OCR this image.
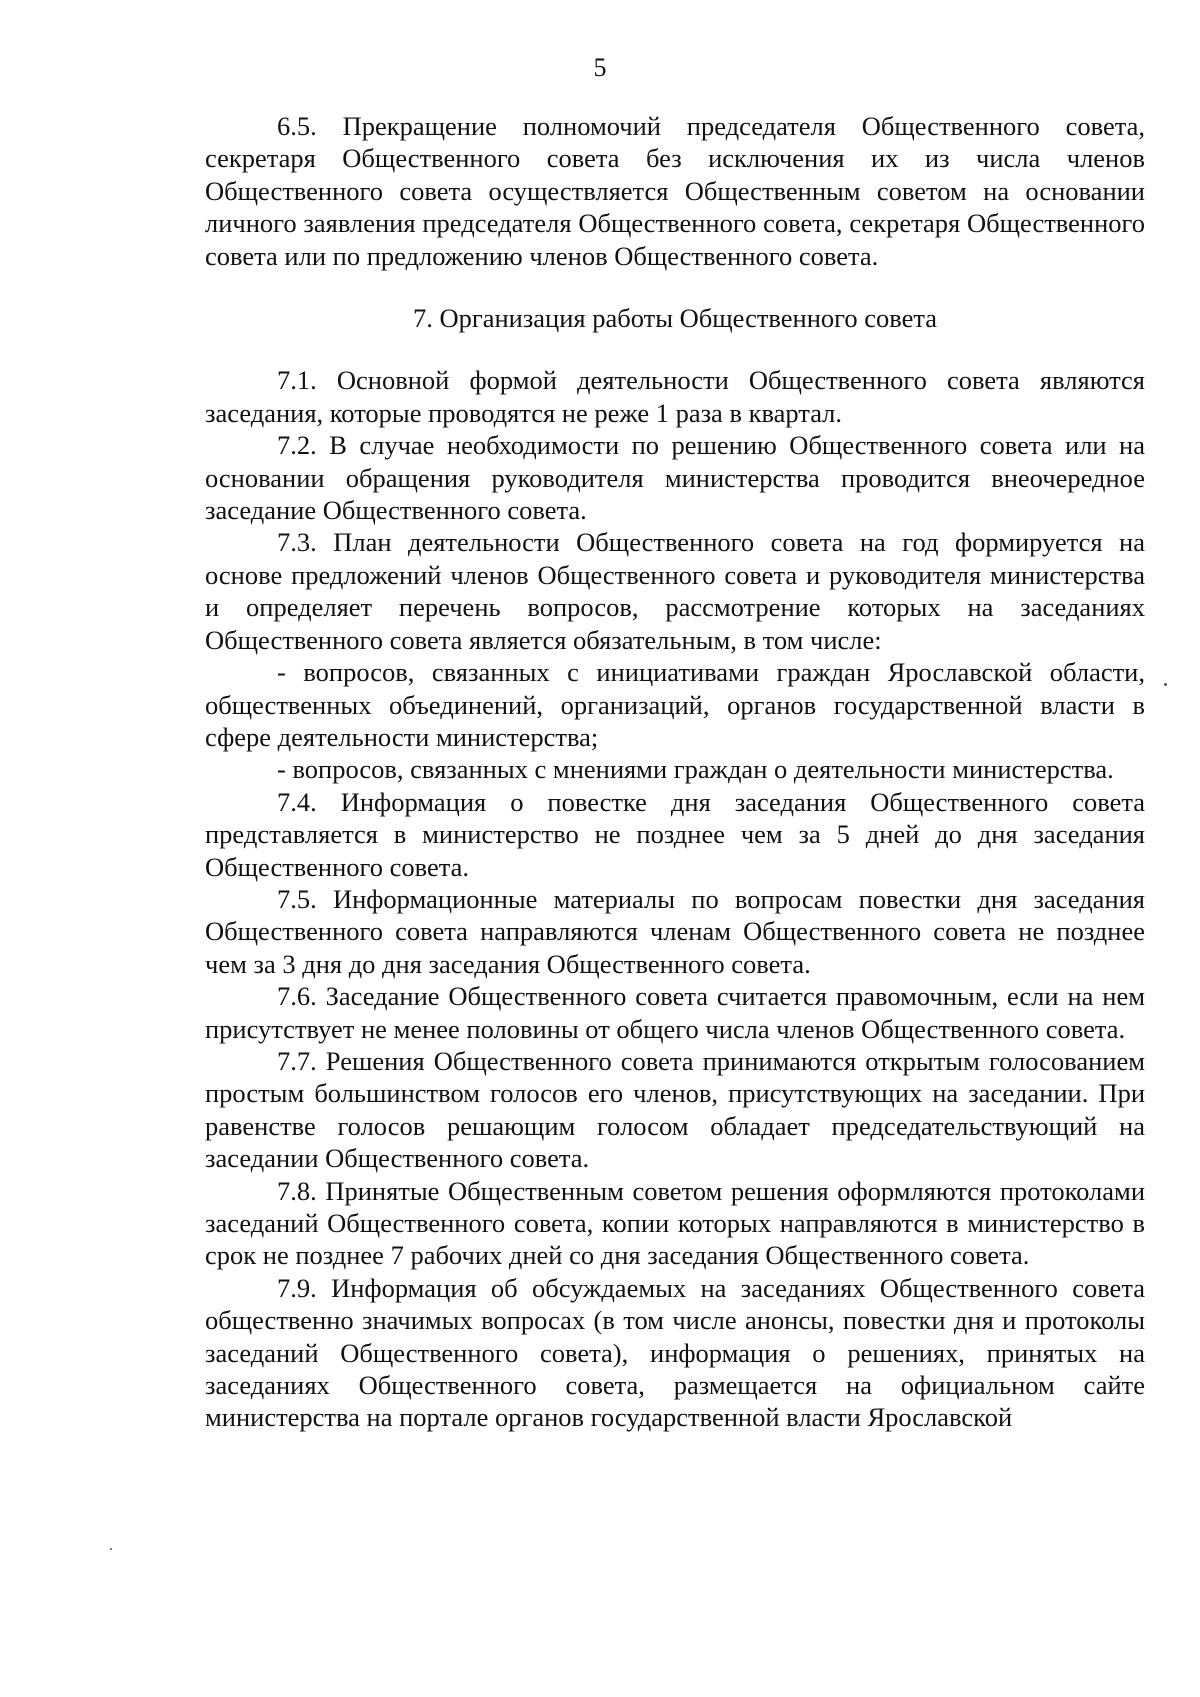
5

6.5. Прекращение полномочий председателя Общественного совета, секретаря Общественного совета без исключения их из числа членов Общественного совета осуществляется Общественным советом на основании личного заявления председателя Общественного совета, секретаря Общественного совета или по предложению членов Общественного совета.

7. Организация работы Общественного совета

7.1. Основной формой деятельности Общественного совета являются заседания, которые проводятся не реже 1 раза в квартал.

7.2. В случае необходимости по решению Общественного совета или на основании обращения руководителя министерства проводится внеочередное заседание Общественного совета.

7.3. План деятельности Общественного совета на год формируется на основе предложений членов Общественного совета и руководителя министерства и определяет перечень вопросов, рассмотрение которых на заседаниях Общественного совета является обязательным, в том числе:

- вопросов, связанных с инициативами граждан Ярославской области, общественных объединений, организаций, органов государственной власти в сфере деятельности министерства;

- вопросов, связанных с мнениями граждан о деятельности министерства.

7.4. Информация о повестке дня заседания Общественного совета представляется в министерство не позднее чем за 5 дней до дня заседания Общественного совета.

7.5. Информационные материалы по вопросам повестки дня заседания Общественного совета направляются членам Общественного совета не позднее чем за 3 дня до дня заседания Общественного совета.

7.6. Заседание Общественного совета считается правомочным, если на нем присутствует не менее половины от общего числа членов Общественного совета.

7.7. Решения Общественного совета принимаются открытым голосованием простым большинством голосов его членов, присутствующих на заседании. При равенстве голосов решающим голосом обладает председательствующий на заседании Общественного совета.

7.8. Принятые Общественным советом решения оформляются протоколами заседаний Общественного совета, копии которых направляются в министерство в срок не позднее 7 рабочих дней со дня заседания Общественного совета.

7.9. Информация об обсуждаемых на заседаниях Общественного совета общественно значимых вопросах (в том числе анонсы, повестки дня и протоколы заседаний Общественного совета), информация о решениях, принятых на заседаниях Общественного совета, размещается на официальном сайте министерства на портале органов государственной власти Ярославской
